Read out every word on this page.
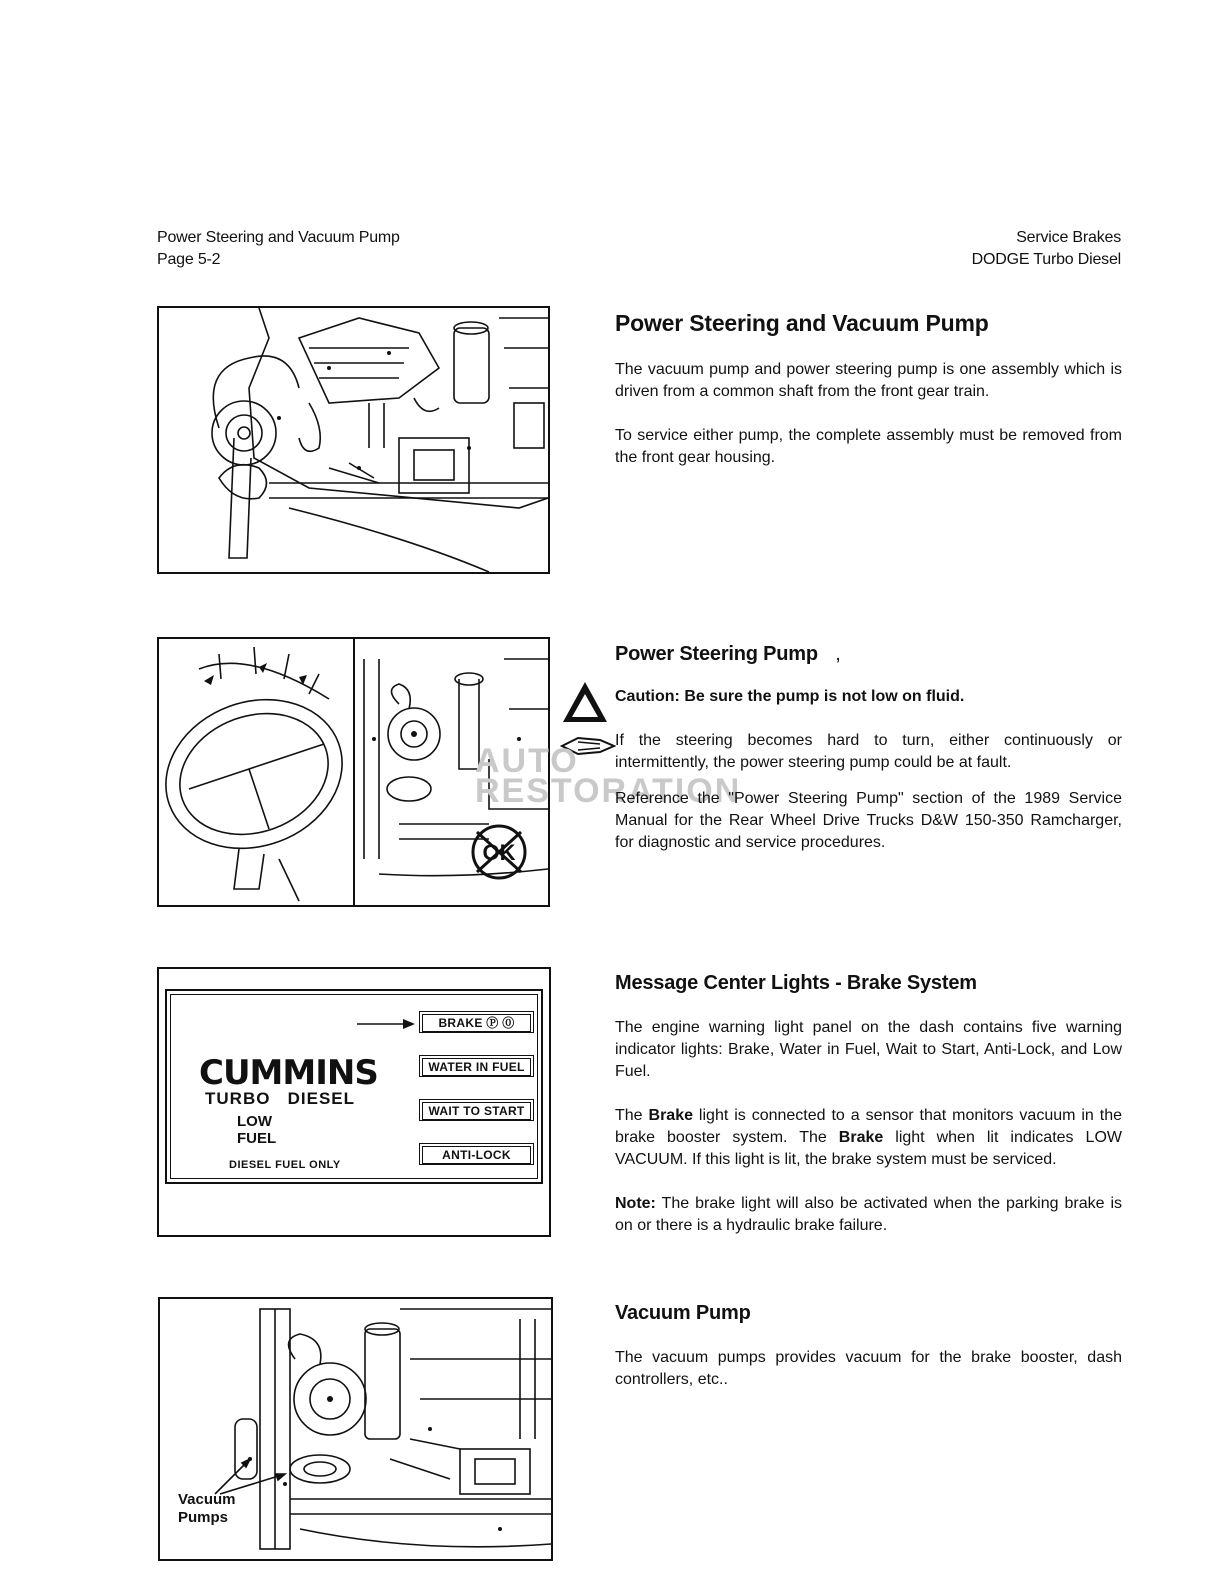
Power Steering and Vacuum Pump
Page 5-2
Service Brakes
DODGE Turbo Diesel
Power Steering and Vacuum Pump

The vacuum pump and power steering pump is one assembly which is driven from a common shaft from the front gear train.

To service either pump, the complete assembly must be removed from the front gear housing.

OK
AUTO
RESTORATION
Power Steering Pump ,

Caution: Be sure the pump is not low on fluid.

If the steering becomes hard to turn, either continuously or intermittently, the power steering pump could be at fault.

Reference the "Power Steering Pump" section of the 1989 Service Manual for the Rear Wheel Drive Trucks D&W 150-350 Ramcharger, for diagnostic and service procedures.

BRAKE Ⓟ ⓪
WATER IN FUEL
WAIT TO START
ANTI-LOCK
CUMMINS
TURBO   DIESEL
LOW
FUEL
DIESEL FUEL ONLY
Message Center Lights - Brake System

The engine warning light panel on the dash contains five warning indicator lights: Brake, Water in Fuel, Wait to Start, Anti-Lock, and Low Fuel.

The Brake light is connected to a sensor that monitors vacuum in the brake booster system. The Brake light when lit indicates LOW VACUUM. If this light is lit, the brake system must be serviced.

Note: The brake light will also be activated when the parking brake is on or there is a hydraulic brake failure.

Vacuum
Pumps
Vacuum Pump

The vacuum pumps provides vacuum for the brake booster, dash controllers, etc..
